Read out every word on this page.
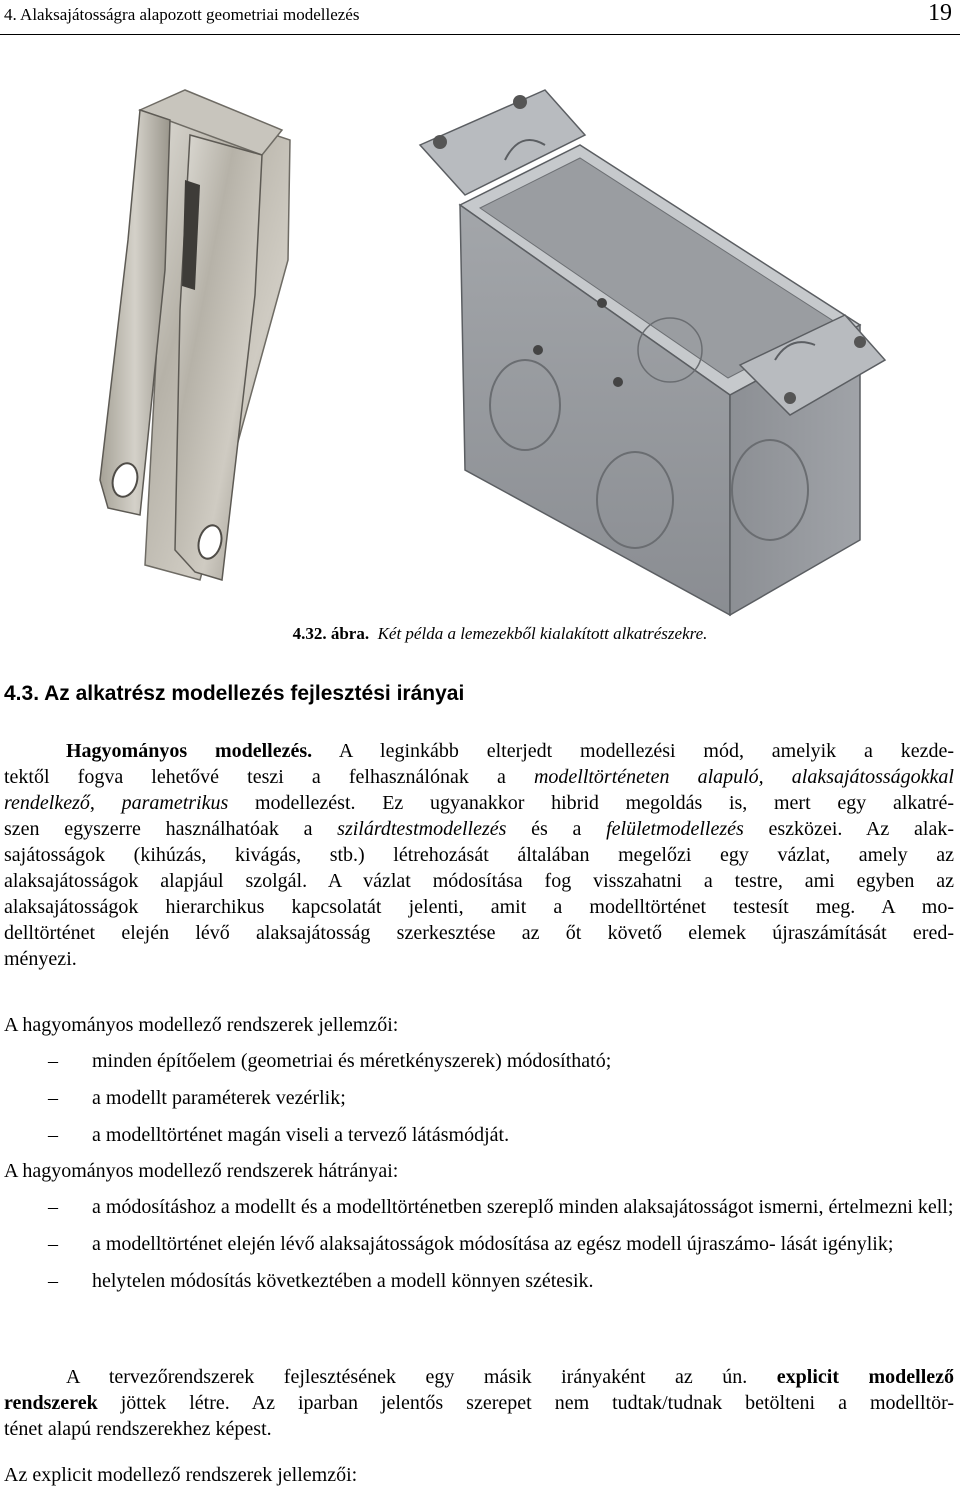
4. Alaksajátosságra alapozott geometriai modellezés	19
4.32. ábra. Két példa a lemezekből kialakított alkatrészekre.
4.3. Az alkatrész modellezés fejlesztési irányai
Hagyományos modellezés. A leginkább elterjedt modellezési mód, amelyik a kezde-
tektől fogva lehetővé teszi a felhasználónak a modelltörténeten alapuló, alaksajátosságokkal
rendelkező, parametrikus modellezést. Ez ugyanakkor hibrid megoldás is, mert egy alkatré-
szen egyszerre használhatóak a szilárdtestmodellezés és a felületmodellezés eszközei. Az alak-
sajátosságok (kihúzás, kivágás, stb.) létrehozását általában megelőzi egy vázlat, amely az
alaksajátosságok alapjául szolgál. A vázlat módosítása fog visszahatni a testre, ami egyben az
alaksajátosságok hierarchikus kapcsolatát jelenti, amit a modelltörténet testesít meg. A mo-
delltörténet elején lévő alaksajátosság szerkesztése az őt követő elemek újraszámítását ered-
ményezi.
A hagyományos modellező rendszerek jellemzői:
– minden építőelem (geometriai és méretkényszerek) módosítható;
– a modellt paraméterek vezérlik;
– a modelltörténet magán viseli a tervező látásmódját.
A hagyományos modellező rendszerek hátrányai:
– a módosításhoz a modellt és a modelltörténetben szereplő minden alaksajátosságot ismerni, értelmezni kell;
– a modelltörténet elején lévő alaksajátosságok módosítása az egész modell újraszámo- lását igénylik;
– helytelen módosítás következtében a modell könnyen szétesik.
A tervezőrendszerek fejlesztésének egy másik irányaként az ún. explicit modellező
rendszerek jöttek létre. Az iparban jelentős szerepet nem tudtak/tudnak betölteni a modelltör-
ténet alapú rendszerekhez képest.
Az explicit modellező rendszerek jellemzői:
